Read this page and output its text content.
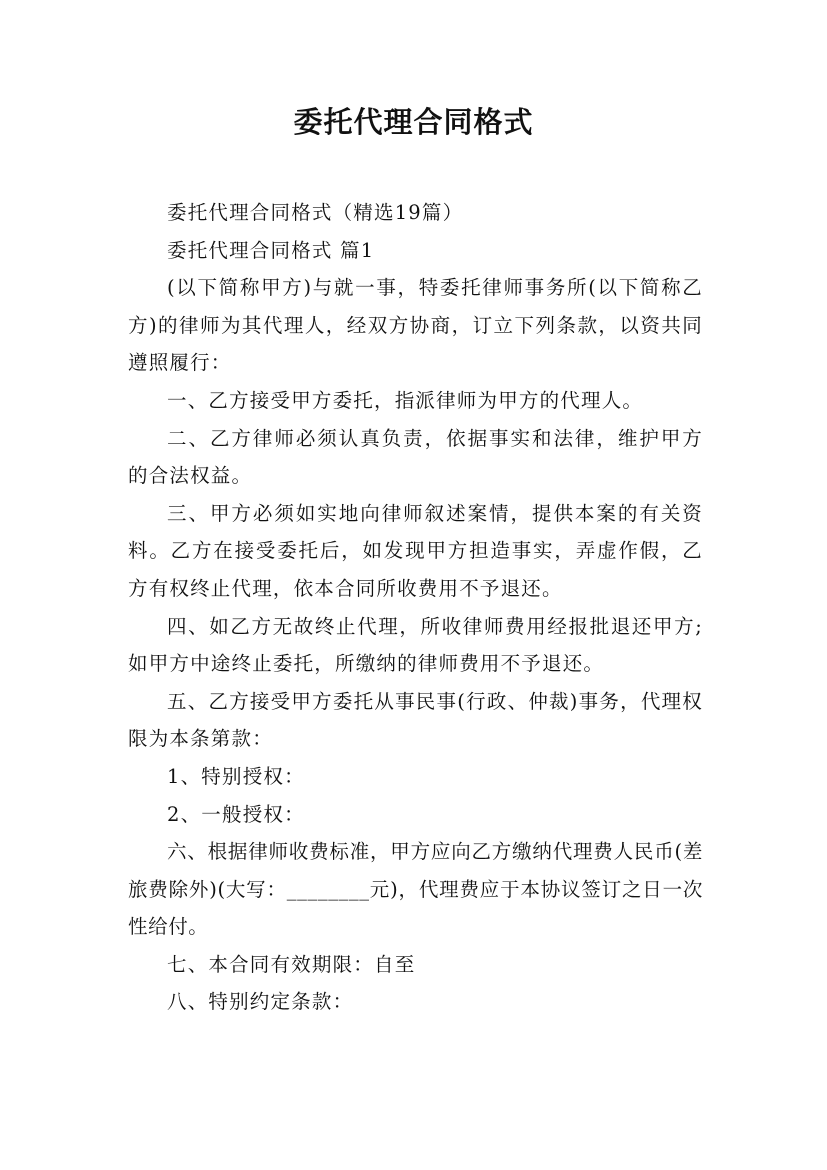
委托代理合同格式

委托代理合同格式（精选19篇）

委托代理合同格式 篇1

(以下简称甲方)与就一事，特委托律师事务所(以下简称乙方)的律师为其代理人，经双方协商，订立下列条款，以资共同遵照履行：

一、乙方接受甲方委托，指派律师为甲方的代理人。

二、乙方律师必须认真负责，依据事实和法律，维护甲方的合法权益。

三、甲方必须如实地向律师叙述案情，提供本案的有关资料。乙方在接受委托后，如发现甲方担造事实，弄虚作假，乙方有权终止代理，依本合同所收费用不予退还。

四、如乙方无故终止代理，所收律师费用经报批退还甲方;如甲方中途终止委托，所缴纳的律师费用不予退还。

五、乙方接受甲方委托从事民事(行政、仲裁)事务，代理权限为本条第款：

1、特别授权：

2、一般授权：

六、根据律师收费标准，甲方应向乙方缴纳代理费人民币(差旅费除外)(大写：________元)，代理费应于本协议签订之日一次性给付。

七、本合同有效期限：自至

八、特别约定条款：
